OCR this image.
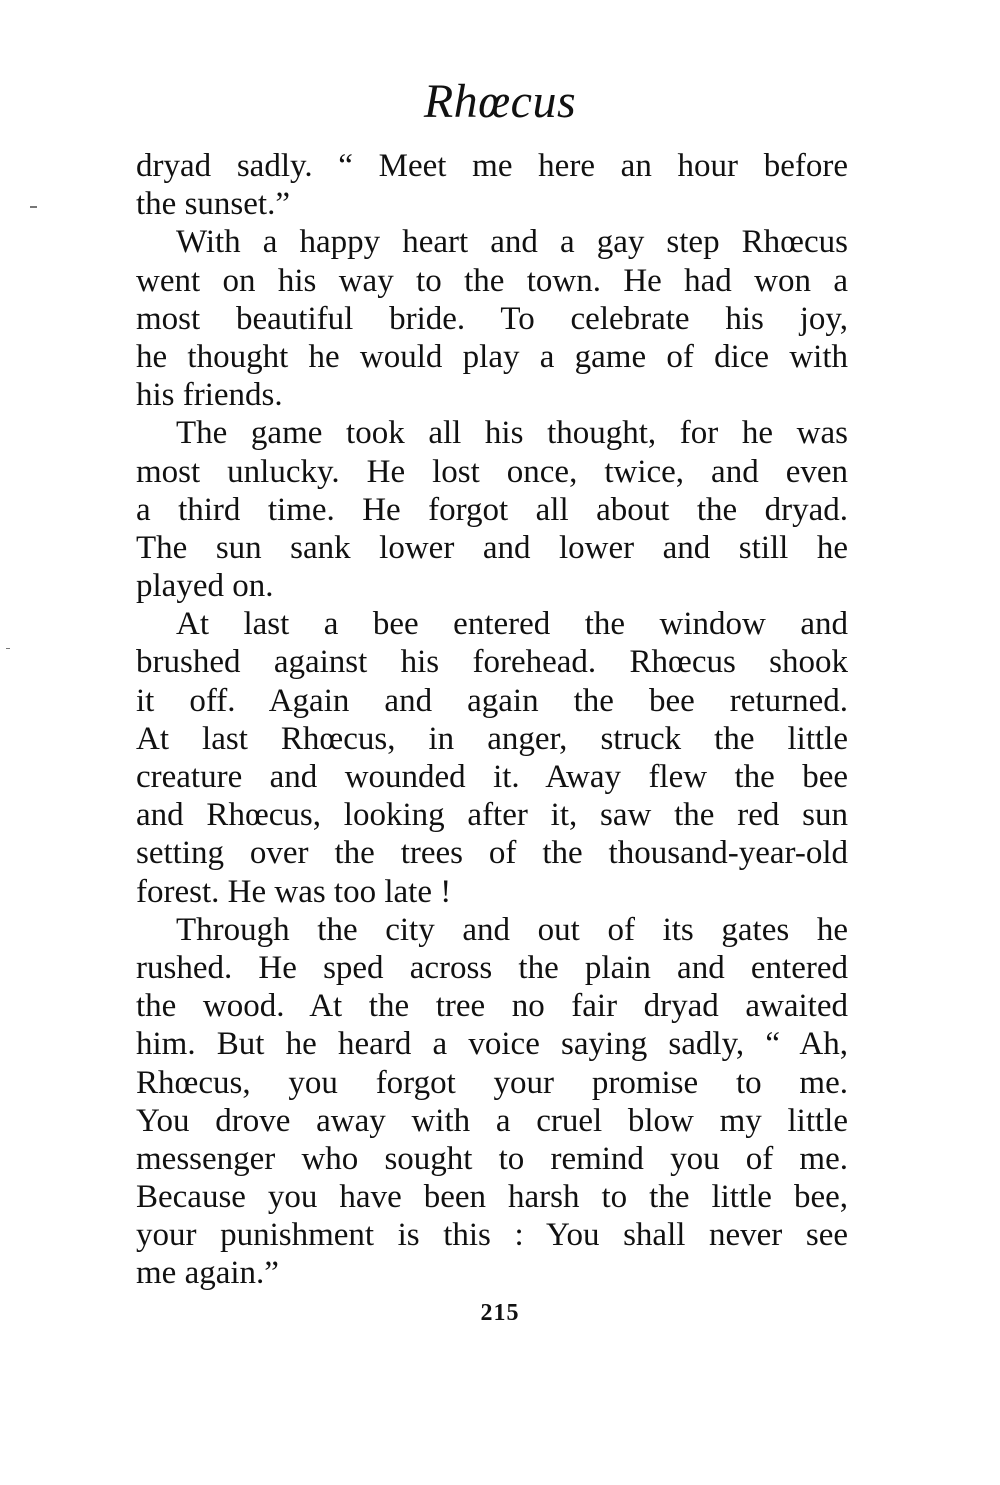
Rhœcus
dryad sadly. “ Meet me here an hour before
the sunset.”
With a happy heart and a gay step Rhœcus
went on his way to the town. He had won a
most beautiful bride. To celebrate his joy,
he thought he would play a game of dice with
his friends.
The game took all his thought, for he was
most unlucky. He lost once, twice, and even
a third time. He forgot all about the dryad.
The sun sank lower and lower and still he
played on.
At last a bee entered the window and
brushed against his forehead. Rhœcus shook
it off. Again and again the bee returned.
At last Rhœcus, in anger, struck the little
creature and wounded it. Away flew the bee
and Rhœcus, looking after it, saw the red sun
setting over the trees of the thousand-year-old
forest. He was too late !
Through the city and out of its gates he
rushed. He sped across the plain and entered
the wood. At the tree no fair dryad awaited
him. But he heard a voice saying sadly, “ Ah,
Rhœcus, you forgot your promise to me.
You drove away with a cruel blow my little
messenger who sought to remind you of me.
Because you have been harsh to the little bee,
your punishment is this : You shall never see
me again.”
215
